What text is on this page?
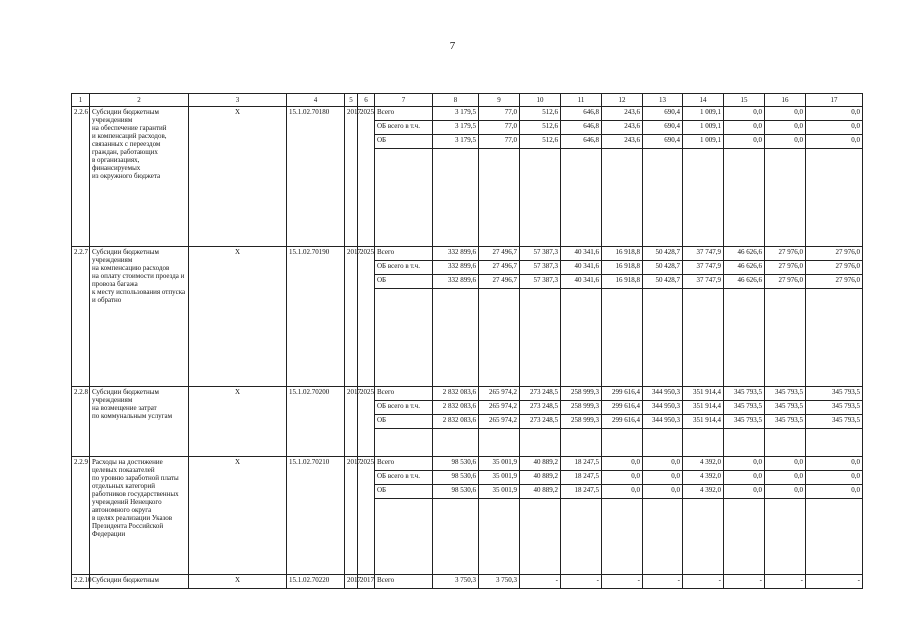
7
1	2	3	4	5	6	7	8	9	10	11	12	13	14	15	16	17
2.2.6	Субсидии бюджетным учреждениям
на обеспечение гарантий
и компенсаций расходов, связанных с переездом граждан, работающих
в организациях, финансируемых
из окружного бюджета	Х	15.1.02.70180	2017	2025	Всего	3 179,5	77,0	512,6	646,8	243,6	690,4	1 009,1	0,0	0,0	0,0
						ОБ всего в т.ч.	3 179,5	77,0	512,6	646,8	243,6	690,4	1 009,1	0,0	0,0	0,0
						ОБ	3 179,5	77,0	512,6	646,8	243,6	690,4	1 009,1	0,0	0,0	0,0

2.2.7	Субсидии бюджетным учреждениям
на компенсацию расходов
на оплату стоимости проезда и провоза багажа
к месту использования отпуска и обратно	Х	15.1.02.70190	2017	2025	Всего	332 899,6	27 496,7	57 387,3	40 341,6	16 918,8	50 428,7	37 747,9	46 626,6	27 976,0	27 976,0
						ОБ всего в т.ч.	332 899,6	27 496,7	57 387,3	40 341,6	16 918,8	50 428,7	37 747,9	46 626,6	27 976,0	27 976,0
						ОБ	332 899,6	27 496,7	57 387,3	40 341,6	16 918,8	50 428,7	37 747,9	46 626,6	27 976,0	27 976,0

2.2.8	Субсидии бюджетным учреждениям
на возмещение затрат
по коммунальным услугам	Х	15.1.02.70200	2017	2025	Всего	2 832 083,6	265 974,2	273 248,5	258 999,3	299 616,4	344 950,3	351 914,4	345 793,5	345 793,5	345 793,5
						ОБ всего в т.ч.	2 832 083,6	265 974,2	273 248,5	258 999,3	299 616,4	344 950,3	351 914,4	345 793,5	345 793,5	345 793,5
						ОБ	2 832 083,6	265 974,2	273 248,5	258 999,3	299 616,4	344 950,3	351 914,4	345 793,5	345 793,5	345 793,5

2.2.9	Расходы на достижение целевых показателей
по уровню заработной платы отдельных категорий работников государственных учреждений Ненецкого автономного округа
в целях реализации Указов Президента Российской Федерации	Х	15.1.02.70210	2017	2025	Всего	98 530,6	35 001,9	40 889,2	18 247,5	0,0	0,0	4 392,0	0,0	0,0	0,0
						ОБ всего в т.ч.	98 530,6	35 001,9	40 889,2	18 247,5	0,0	0,0	4 392,0	0,0	0,0	0,0
						ОБ	98 530,6	35 001,9	40 889,2	18 247,5	0,0	0,0	4 392,0	0,0	0,0	0,0

2.2.10	Субсидии бюджетным	Х	15.1.02.70220	2017	2017	Всего	3 750,3	3 750,3	-	-	-	-	-	-	-	-
